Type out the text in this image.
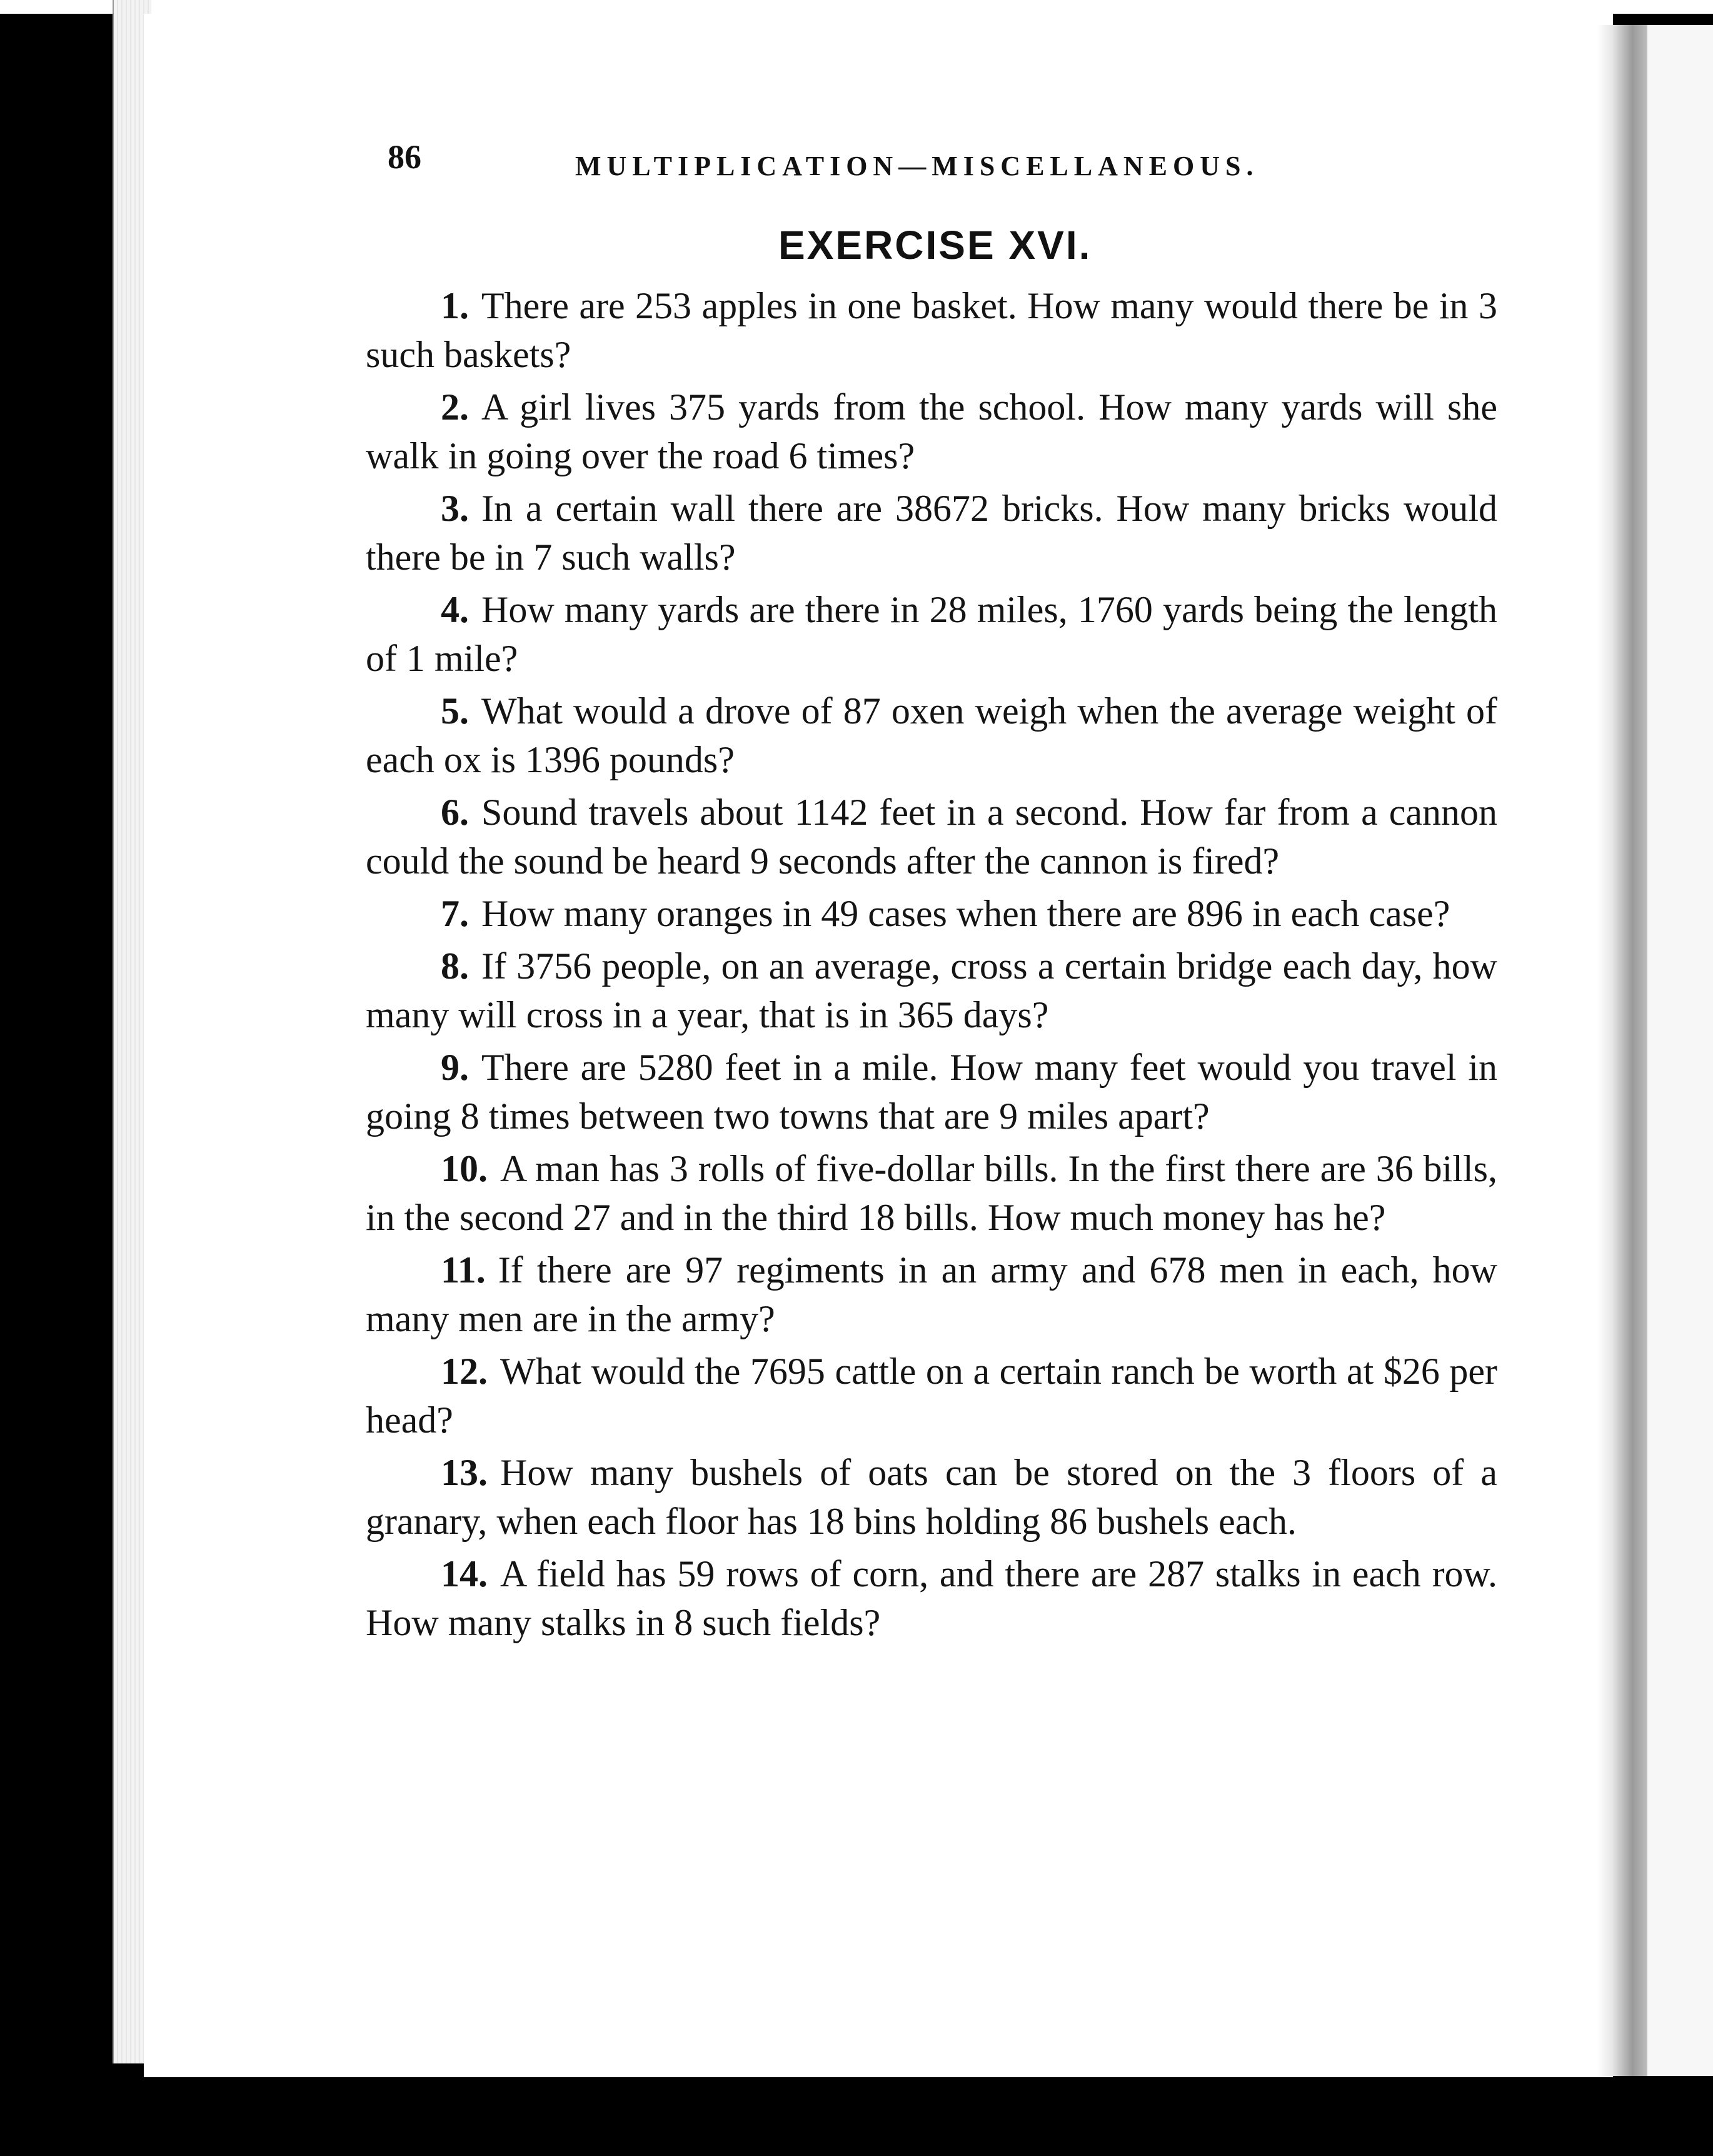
86	MULTIPLICATION—MISCELLANEOUS.
EXERCISE XVI.

1. There are 253 apples in one basket. How many would there be in 3 such baskets?

2. A girl lives 375 yards from the school. How many yards will she walk in going over the road 6 times?

3. In a certain wall there are 38672 bricks. How many bricks would there be in 7 such walls?

4. How many yards are there in 28 miles, 1760 yards being the length of 1 mile?

5. What would a drove of 87 oxen weigh when the average weight of each ox is 1396 pounds?

6. Sound travels about 1142 feet in a second. How far from a cannon could the sound be heard 9 seconds after the cannon is fired?

7. How many oranges in 49 cases when there are 896 in each case?

8. If 3756 people, on an average, cross a certain bridge each day, how many will cross in a year, that is in 365 days?

9. There are 5280 feet in a mile. How many feet would you travel in going 8 times between two towns that are 9 miles apart?

10. A man has 3 rolls of five-dollar bills. In the first there are 36 bills, in the second 27 and in the third 18 bills. How much money has he?

11. If there are 97 regiments in an army and 678 men in each, how many men are in the army?

12. What would the 7695 cattle on a certain ranch be worth at $26 per head?

13. How many bushels of oats can be stored on the 3 floors of a granary, when each floor has 18 bins holding 86 bushels each.

14. A field has 59 rows of corn, and there are 287 stalks in each row. How many stalks in 8 such fields?
